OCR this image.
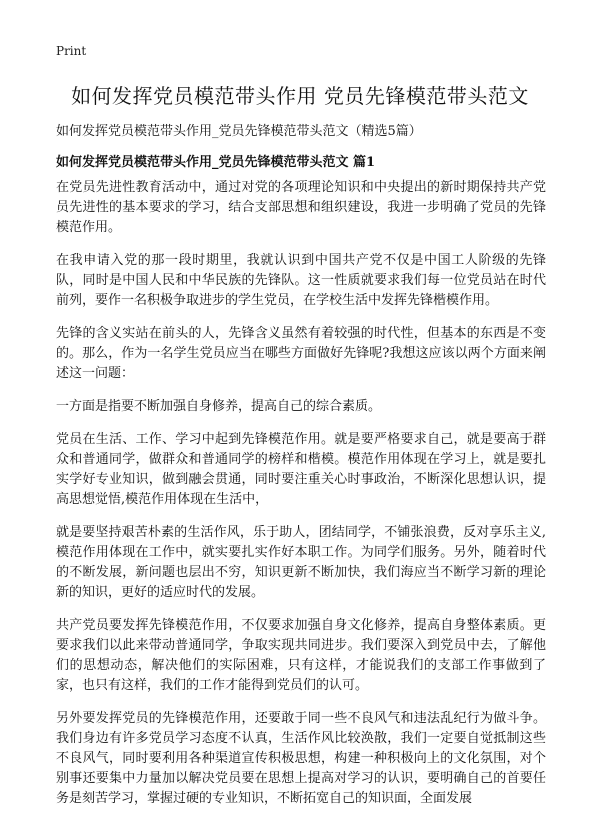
Print
如何发挥党员模范带头作用 党员先锋模范带头范文

如何发挥党员模范带头作用_党员先锋模范带头范文（精选5篇）

如何发挥党员模范带头作用_党员先锋模范带头范文 篇1

在党员先进性教育活动中，通过对党的各项理论知识和中央提出的新时期保持共产党员先进性的基本要求的学习，结合支部思想和组织建设，我进一步明确了党员的先锋模范作用。

在我申请入党的那一段时期里，我就认识到中国共产党不仅是中国工人阶级的先锋队，同时是中国人民和中华民族的先锋队。这一性质就要求我们每一位党员站在时代前列，要作一名积极争取进步的学生党员，在学校生活中发挥先锋楷模作用。

先锋的含义实站在前头的人，先锋含义虽然有着较强的时代性，但基本的东西是不变的。那么，作为一名学生党员应当在哪些方面做好先锋呢?我想这应该以两个方面来阐述这一问题：

一方面是指要不断加强自身修养，提高自己的综合素质。

党员在生活、工作、学习中起到先锋模范作用。就是要严格要求自己，就是要高于群众和普通同学，做群众和普通同学的榜样和楷模。模范作用体现在学习上，就是要扎实学好专业知识，做到融会贯通，同时要注重关心时事政治，不断深化思想认识，提高思想觉悟,模范作用体现在生活中，

就是要坚持艰苦朴素的生活作风，乐于助人，团结同学，不铺张浪费，反对享乐主义,模范作用体现在工作中，就实要扎实作好本职工作。为同学们服务。另外，随着时代的不断发展，新问题也层出不穷，知识更新不断加快，我们海应当不断学习新的理论新的知识，更好的适应时代的发展。

共产党员要发挥先锋模范作用，不仅要求加强自身文化修养，提高自身整体素质。更要求我们以此来带动普通同学，争取实现共同进步。我们要深入到党员中去，了解他们的思想动态，解决他们的实际困难，只有这样，才能说我们的支部工作事做到了家，也只有这样，我们的工作才能得到党员们的认可。

另外要发挥党员的先锋模范作用，还要敢于同一些不良风气和违法乱纪行为做斗争。我们身边有许多党员学习态度不认真，生活作风比较涣散，我们一定要自觉抵制这些不良风气，同时要利用各种渠道宣传积极思想，构建一种积极向上的文化氛围，对个别事还要集中力量加以解决党员要在思想上提高对学习的认识，要明确自己的首要任务是刻苦学习，掌握过硬的专业知识，不断拓宽自己的知识面，全面发展
